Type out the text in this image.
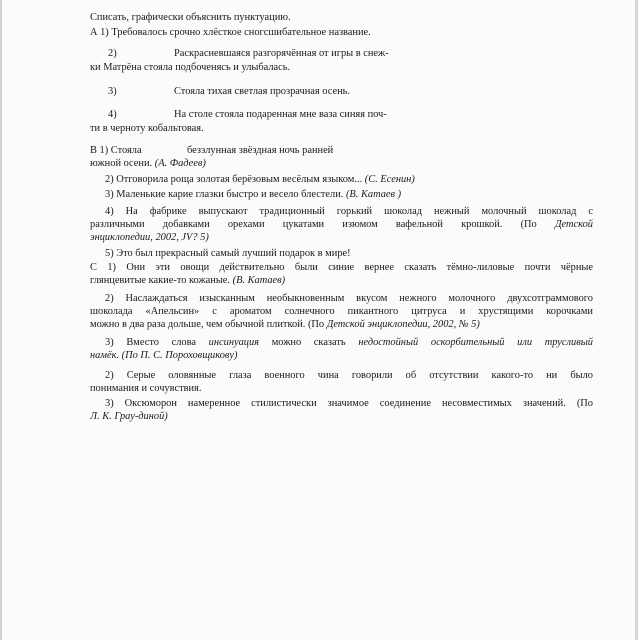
Списать, графически объяснить пунктуацию.
А 1) Требовалось срочно хлёсткое сногсшибательное название.
2)	Раскрасневшаяся разгорячённая от игры в снеж-
ки Матрёна стояла подбоченясь и улыбалась.
3)	Стояла тихая светлая прозрачная осень.
4)	На столе стояла подаренная мне ваза синяя поч-
ти в черноту кобальтовая.
В 1) Стояла	беззлунная звёздная ночь ранней
южной осени. (А. Фадеев)
2) Отговорила роща золотая берёзовым весёлым языком... (С. Есенин)
3) Маленькие карие глазки быстро и весело блестели. (В. Катаев )
4) На фабрике выпускают традиционный горький шоколад нежный молочный шоколад с
различными добавками орехами цукатами изюмом вафельной крошкой. (По Детской
энциклопедии, 2002, JV? 5)
5) Это был прекрасный самый лучший подарок в мире!
С 1) Они эти овощи действительно были синие вернее сказать тёмно-лиловые почти чёрные
глянцевитые какие-то кожаные. (В. Катаев)
2) Наслаждаться изысканным необыкновенным вкусом нежного молочного двухсотграммового
шоколада «Апельсин» с ароматом солнечного пикантного цитруса и хрустящими корочками
можно в два раза дольше, чем обычной плиткой. (По Детской энциклопедии, 2002, № 5)
3) Вместо слова инсинуация можно сказать недостойный оскорбительный или трусливый
намёк. (По П. С. Пороховщикову)
2) Серые оловянные глаза военного чина говорили об отсутствии какого-то ни было
понимания и сочувствия.
3) Оксюморон намеренное стилистически значимое соединение несовместимых значений. (По
Л. К. Грау-диной)
